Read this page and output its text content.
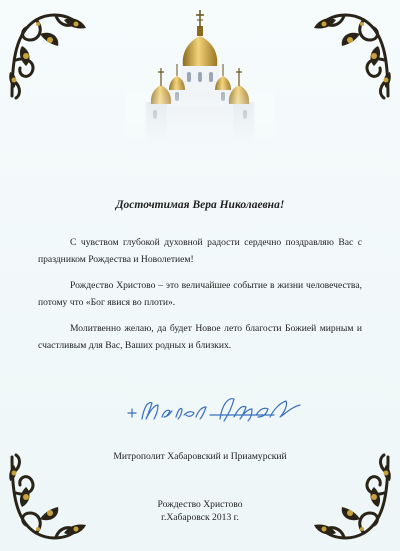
Досточтимая Вера Николаевна!

С чувством глубокой духовной радости сердечно поздравляю Вас с праздником Рождества и Новолетием!

Рождество Христово – это величайшее событие в жизни человечества, потому что «Бог явися во плоти».

Молитвенно желаю, да будет Новое лето благости Божией мирным и счастливым для Вас, Ваших родных и близких.

Митрополит Хабаровский и Приамурский
Рождество Христово
г.Хабаровск 2013 г.
